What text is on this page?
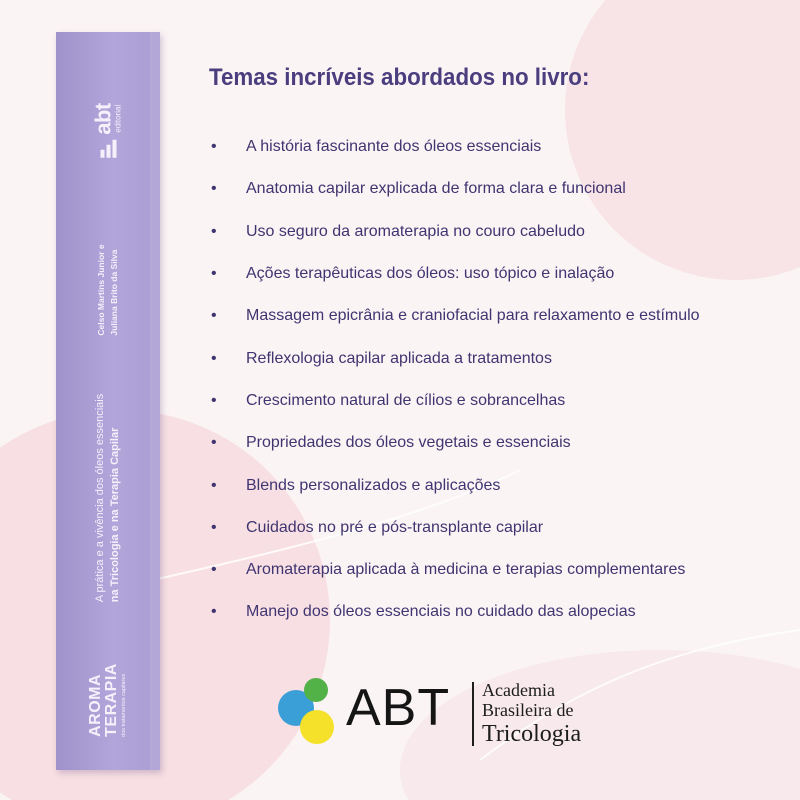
abt
editorial
Celso Martins Junior e Juliana Brito da Silva
A prática e a vivência dos óleos essenciais na Tricologia e na Terapia Capilar
AROMA TERAPIA dos tratamentos capilares
Temas incríveis abordados no livro:
•	A história fascinante dos óleos essenciais
•	Anatomia capilar explicada de forma clara e funcional
•	Uso seguro da aromaterapia no couro cabeludo
•	Ações terapêuticas dos óleos: uso tópico e inalação
•	Massagem epicrânia e craniofacial para relaxamento e estímulo
•	Reflexologia capilar aplicada a tratamentos
•	Crescimento natural de cílios e sobrancelhas
•	Propriedades dos óleos vegetais e essenciais
•	Blends personalizados e aplicações
•	Cuidados no pré e pós-transplante capilar
•	Aromaterapia aplicada à medicina e terapias complementares
•	Manejo dos óleos essenciais no cuidado das alopecias
ABT Academia
Brasileira de
Tricologia
